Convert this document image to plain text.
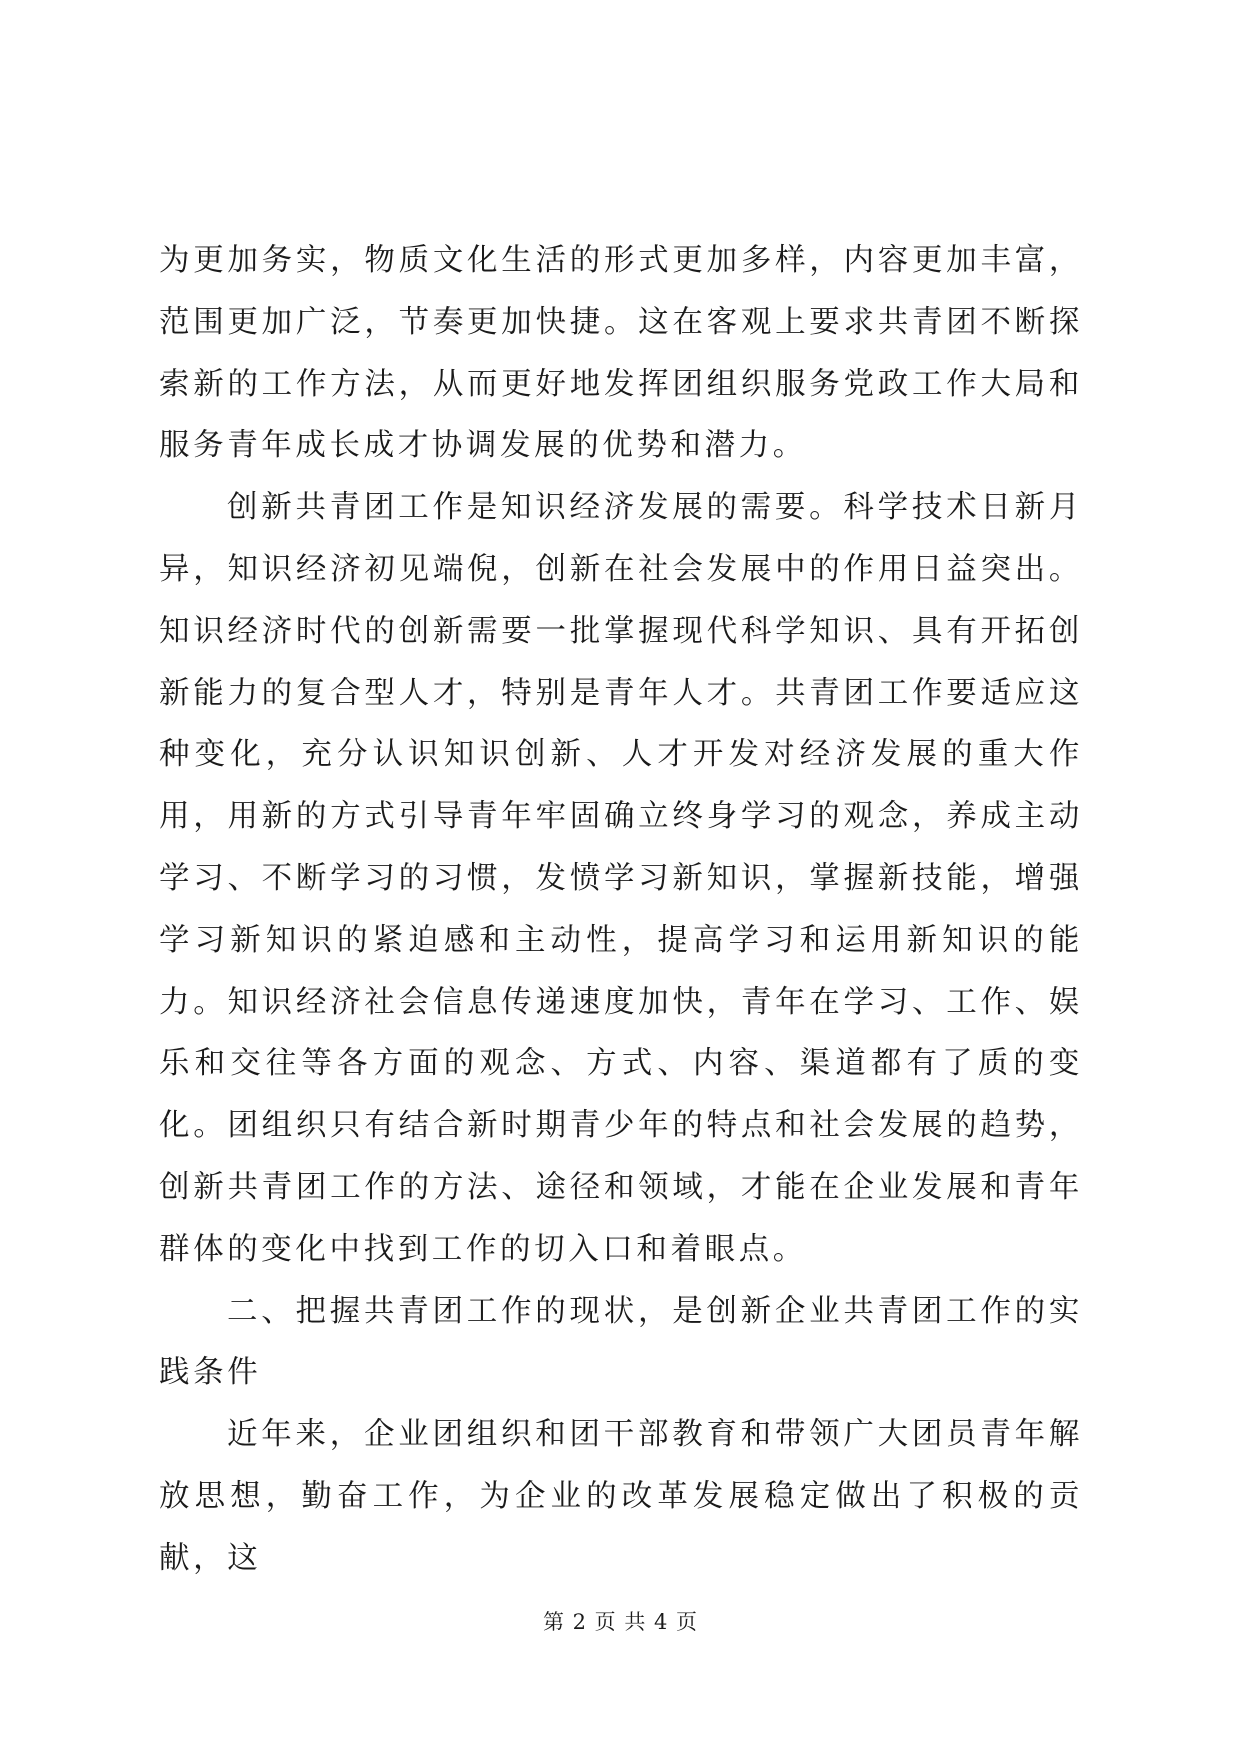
为更加务实，物质文化生活的形式更加多样，内容更加丰富，范围更加广泛，节奏更加快捷。这在客观上要求共青团不断探索新的工作方法，从而更好地发挥团组织服务党政工作大局和服务青年成长成才协调发展的优势和潜力。

创新共青团工作是知识经济发展的需要。科学技术日新月异，知识经济初见端倪，创新在社会发展中的作用日益突出。知识经济时代的创新需要一批掌握现代科学知识、具有开拓创新能力的复合型人才，特别是青年人才。共青团工作要适应这种变化，充分认识知识创新、人才开发对经济发展的重大作用，用新的方式引导青年牢固确立终身学习的观念，养成主动学习、不断学习的习惯，发愤学习新知识，掌握新技能，增强学习新知识的紧迫感和主动性，提高学习和运用新知识的能力。知识经济社会信息传递速度加快，青年在学习、工作、娱乐和交往等各方面的观念、方式、内容、渠道都有了质的变化。团组织只有结合新时期青少年的特点和社会发展的趋势，创新共青团工作的方法、途径和领域，才能在企业发展和青年群体的变化中找到工作的切入口和着眼点。

二、把握共青团工作的现状，是创新企业共青团工作的实践条件

近年来，企业团组织和团干部教育和带领广大团员青年解放思想，勤奋工作，为企业的改革发展稳定做出了积极的贡献，这

第 2 页 共 4 页
